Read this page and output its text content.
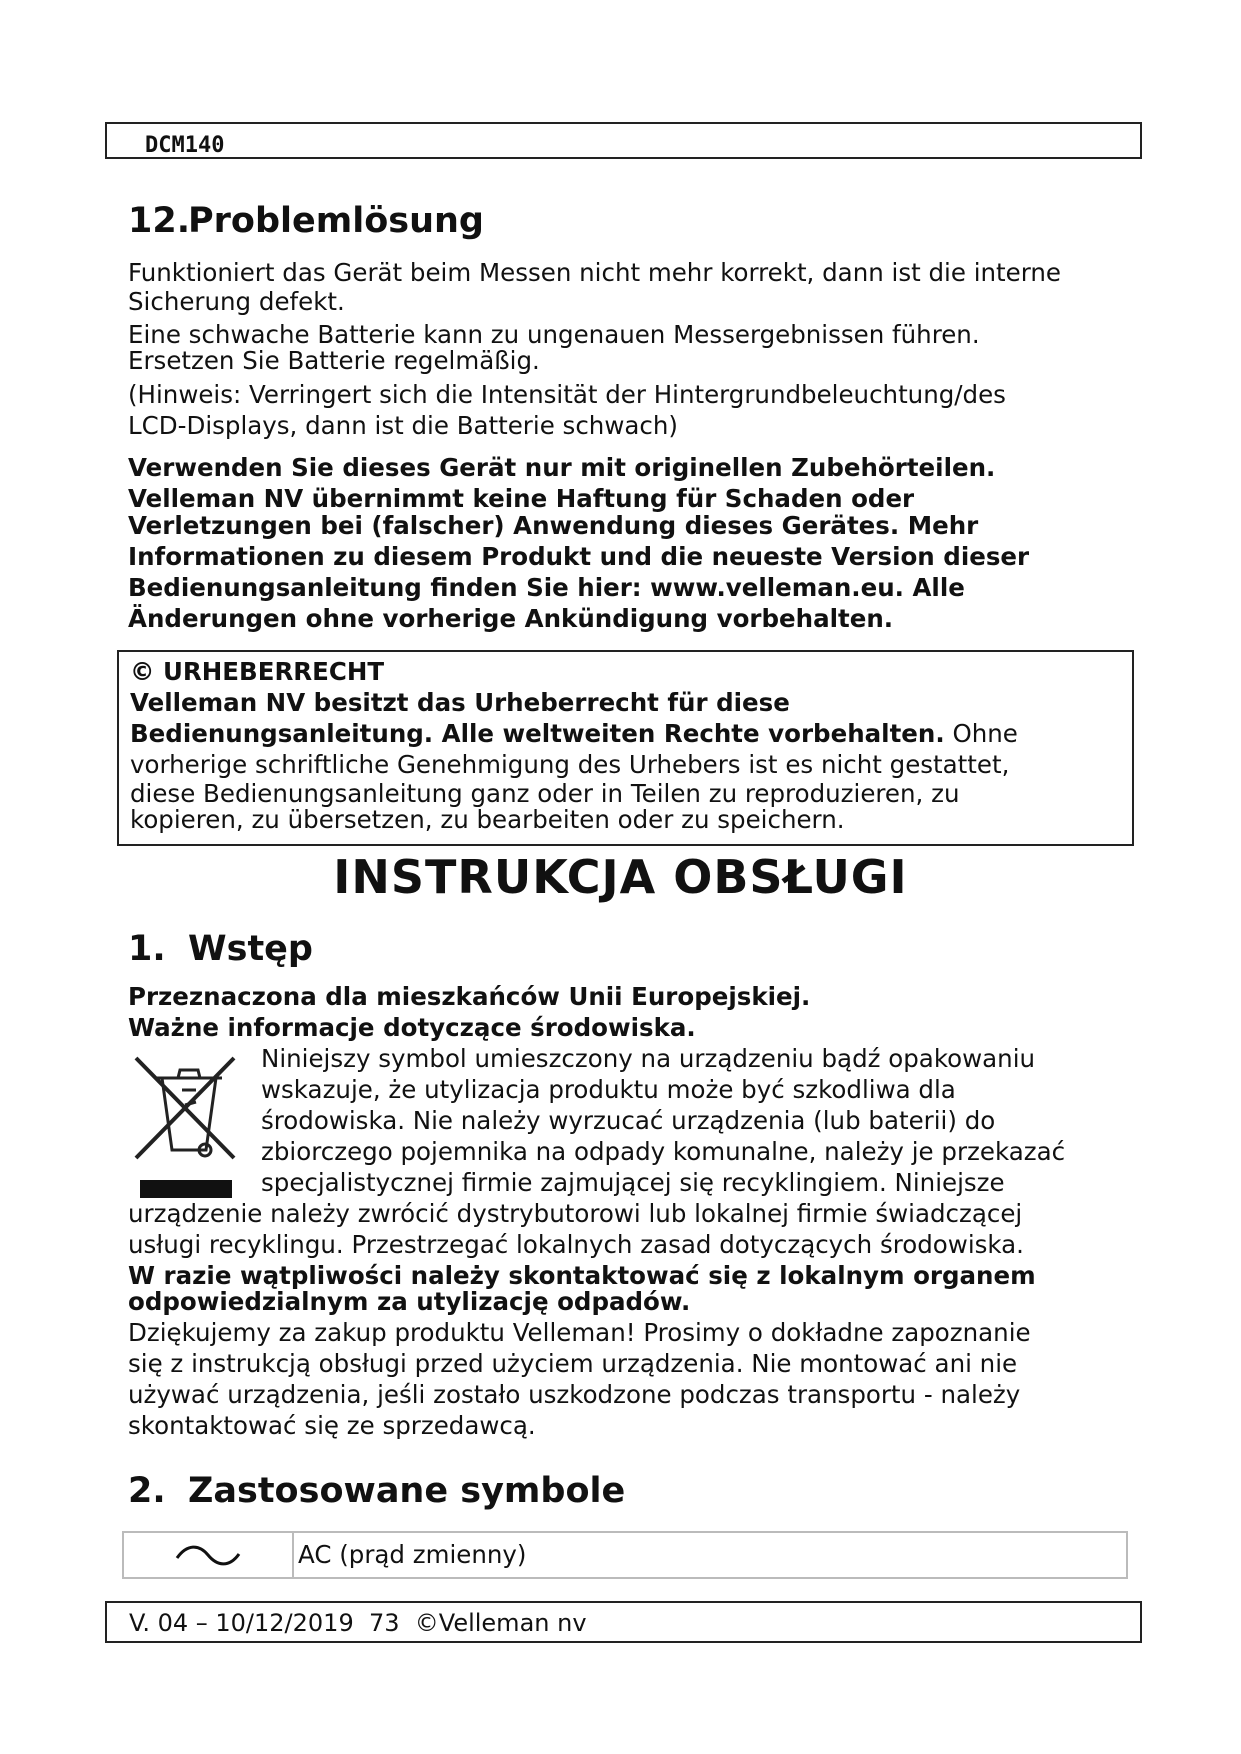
DCM140
12.Problemlösung

Funktioniert das Gerät beim Messen nicht mehr korrekt, dann ist die interne

Sicherung defekt.

Eine schwache Batterie kann zu ungenauen Messergebnissen führen.

Ersetzen Sie Batterie regelmäßig.

(Hinweis: Verringert sich die Intensität der Hintergrundbeleuchtung/des

LCD-Displays, dann ist die Batterie schwach)

Verwenden Sie dieses Gerät nur mit originellen Zubehörteilen.

Velleman NV übernimmt keine Haftung für Schaden oder

Verletzungen bei (falscher) Anwendung dieses Gerätes. Mehr

Informationen zu diesem Produkt und die neueste Version dieser

Bedienungsanleitung finden Sie hier: www.velleman.eu. Alle

Änderungen ohne vorherige Ankündigung vorbehalten.

© URHEBERRECHT

Velleman NV besitzt das Urheberrecht für diese

Bedienungsanleitung. Alle weltweiten Rechte vorbehalten. Ohne

vorherige schriftliche Genehmigung des Urhebers ist es nicht gestattet,

diese Bedienungsanleitung ganz oder in Teilen zu reproduzieren, zu

kopieren, zu übersetzen, zu bearbeiten oder zu speichern.

INSTRUKCJA OBSŁUGI
1. Wstęp

Przeznaczona dla mieszkańców Unii Europejskiej.

Ważne informacje dotyczące środowiska.

Niniejszy symbol umieszczony na urządzeniu bądź opakowaniu

wskazuje, że utylizacja produktu może być szkodliwa dla

środowiska. Nie należy wyrzucać urządzenia (lub baterii) do

zbiorczego pojemnika na odpady komunalne, należy je przekazać

specjalistycznej firmie zajmującej się recyklingiem. Niniejsze

urządzenie należy zwrócić dystrybutorowi lub lokalnej firmie świadczącej

usługi recyklingu. Przestrzegać lokalnych zasad dotyczących środowiska.

W razie wątpliwości należy skontaktować się z lokalnym organem

odpowiedzialnym za utylizację odpadów.

Dziękujemy za zakup produktu Velleman! Prosimy o dokładne zapoznanie

się z instrukcją obsługi przed użyciem urządzenia. Nie montować ani nie

używać urządzenia, jeśli zostało uszkodzone podczas transportu - należy

skontaktować się ze sprzedawcą.

2. Zastosowane symbole
AC (prąd zmienny)
V. 04 – 10/12/2019  73  ©Velleman nv
